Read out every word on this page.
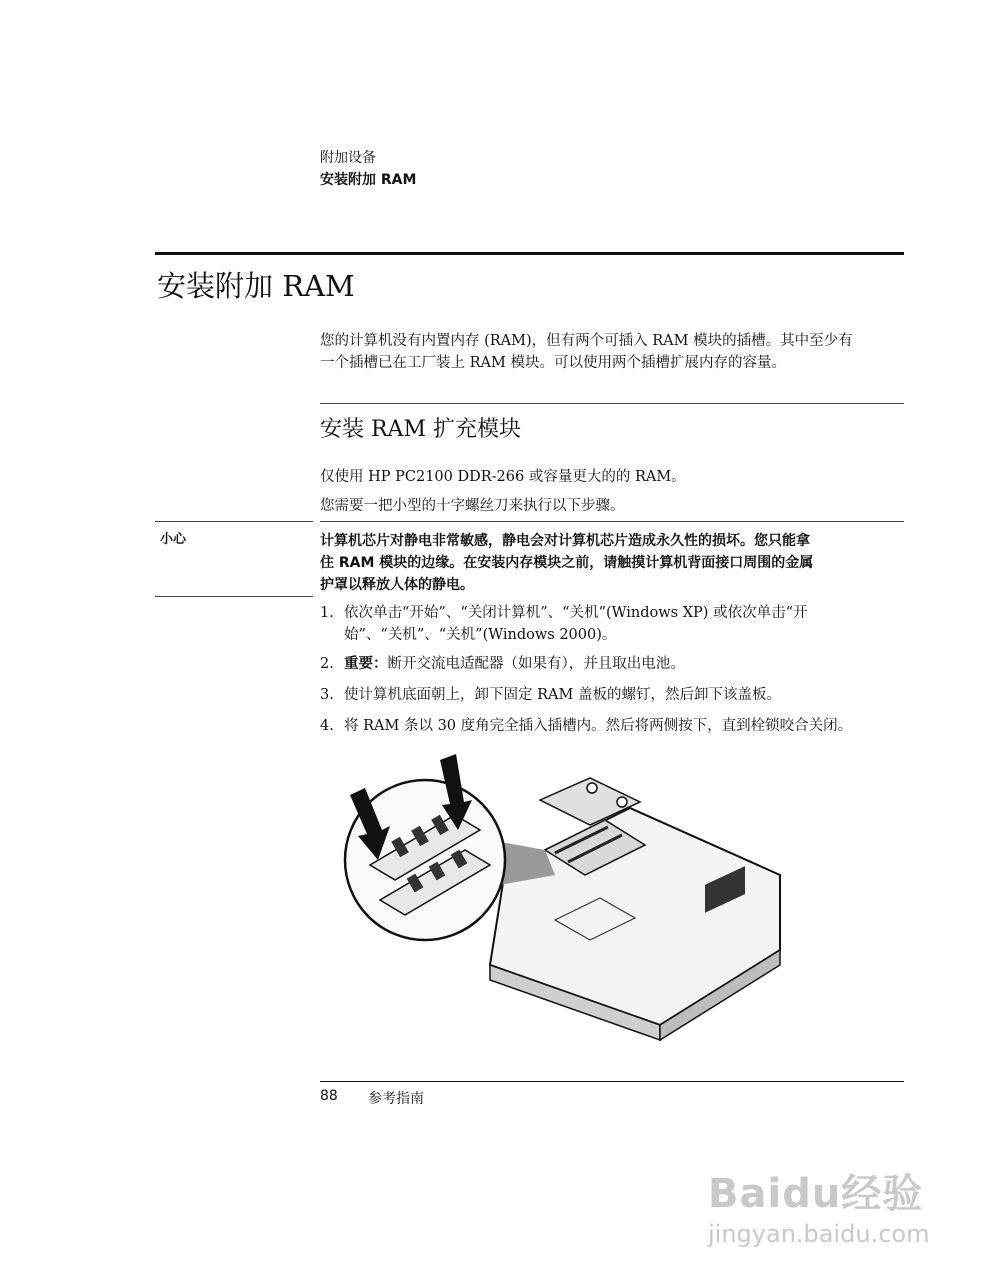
附加设备
安装附加 RAM
安装附加 RAM
您的计算机没有内置内存 (RAM)，但有两个可插入 RAM 模块的插槽。其中至少有
一个插槽已在工厂装上 RAM 模块。可以使用两个插槽扩展内存的容量。
安装 RAM 扩充模块
仅使用 HP PC2100 DDR-266 或容量更大的的 RAM。
您需要一把小型的十字螺丝刀来执行以下步骤。
小心	计算机芯片对静电非常敏感，静电会对计算机芯片造成永久性的损坏。您只能拿
住 RAM 模块的边缘。在安装内存模块之前，请触摸计算机背面接口周围的金属
护罩以释放人体的静电。
1. 依次单击“开始”、“关闭计算机”、“关机”(Windows XP) 或依次单击“开
始”、“关机”、“关机”(Windows 2000)。
2. 重要：断开交流电适配器（如果有），并且取出电池。
3. 使计算机底面朝上，卸下固定 RAM 盖板的螺钉，然后卸下该盖板。
4. 将 RAM 条以 30 度角完全插入插槽内。然后将两侧按下，直到栓锁咬合关闭。
88 参考指南
Baidu经验
jingyan.baidu.com
